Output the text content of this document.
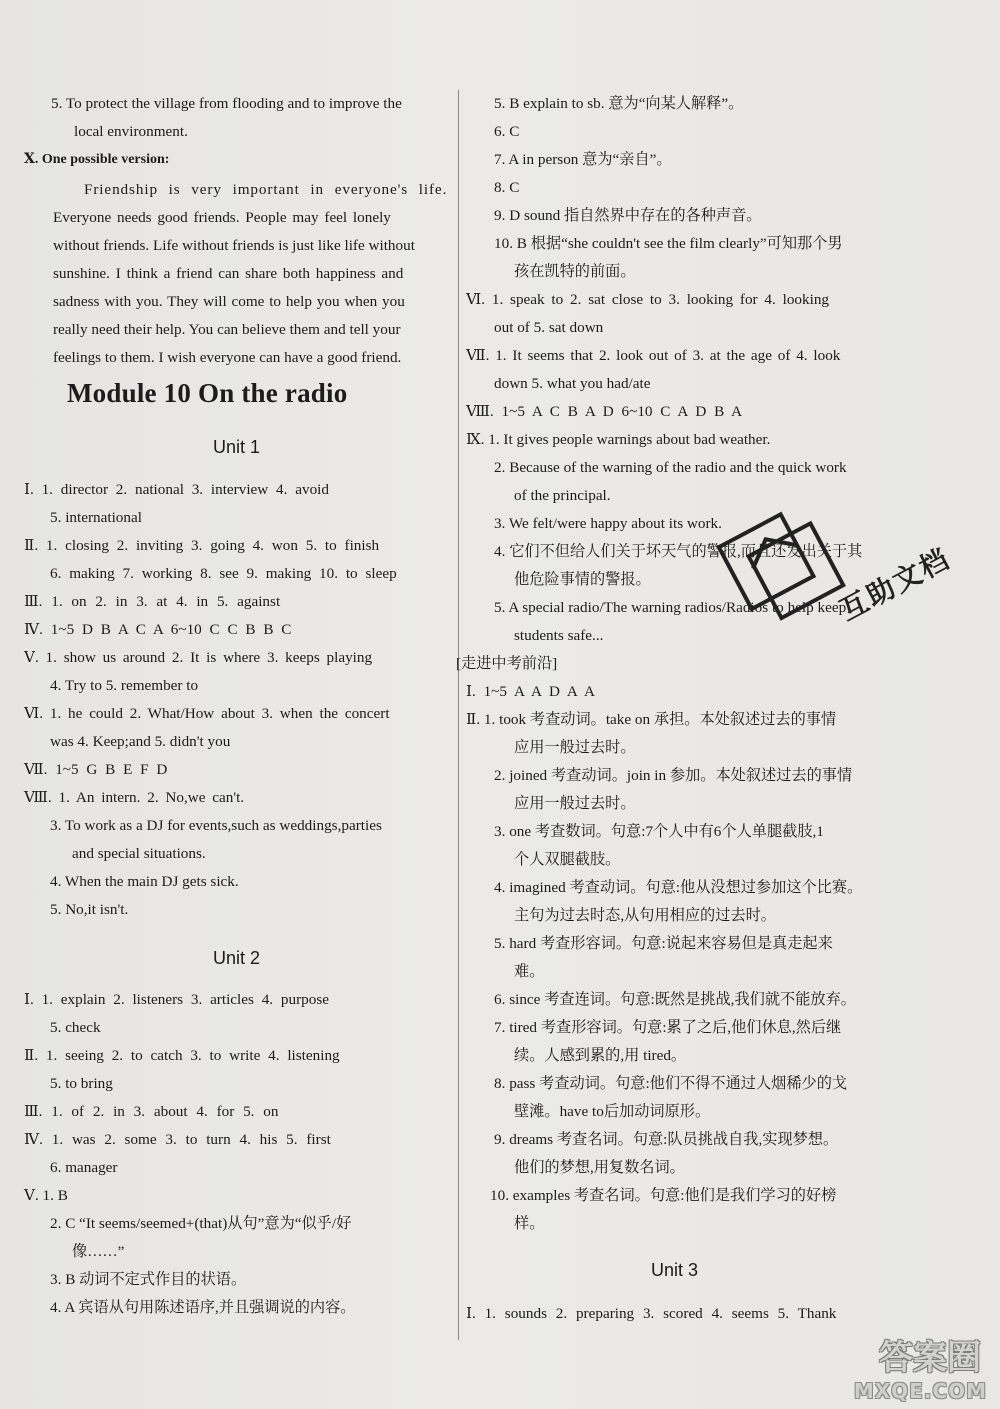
5. To protect the village from flooding and to improve the
local environment.
Ⅹ. One possible version:
Friendship is very important in everyone's life.
Everyone needs good friends. People may feel lonely
without friends. Life without friends is just like life without
sunshine. I think a friend can share both happiness and
sadness with you. They will come to help you when you
really need their help. You can believe them and tell your
feelings to them. I wish everyone can have a good friend.
Module 10 On the radio
Unit 1
Ⅰ. 1. director 2. national 3. interview 4. avoid
5. international
Ⅱ. 1. closing 2. inviting 3. going 4. won 5. to finish
6. making 7. working 8. see 9. making 10. to sleep
Ⅲ. 1. on 2. in 3. at 4. in 5. against
Ⅳ. 1~5 D B A C A 6~10 C C B B C
Ⅴ. 1. show us around 2. It is where 3. keeps playing
4. Try to 5. remember to
Ⅵ. 1. he could 2. What/How about 3. when the concert
was 4. Keep;and 5. didn't you
Ⅶ. 1~5 G B E F D
Ⅷ. 1. An intern. 2. No,we can't.
3. To work as a DJ for events,such as weddings,parties
and special situations.
4. When the main DJ gets sick.
5. No,it isn't.
Unit 2
Ⅰ. 1. explain 2. listeners 3. articles 4. purpose
5. check
Ⅱ. 1. seeing 2. to catch 3. to write 4. listening
5. to bring
Ⅲ. 1. of 2. in 3. about 4. for 5. on
Ⅳ. 1. was 2. some 3. to turn 4. his 5. first
6. manager
Ⅴ. 1. B
2. C “It seems/seemed+(that)从句”意为“似乎/好
像……”
3. B 动词不定式作目的状语。
4. A 宾语从句用陈述语序,并且强调说的内容。
5. B explain to sb. 意为“向某人解释”。
6. C
7. A in person 意为“亲自”。
8. C
9. D sound 指自然界中存在的各种声音。
10. B 根据“she couldn't see the film clearly”可知那个男
孩在凯特的前面。
Ⅵ. 1. speak to 2. sat close to 3. looking for 4. looking
out of 5. sat down
Ⅶ. 1. It seems that 2. look out of 3. at the age of 4. look
down 5. what you had/ate
Ⅷ. 1~5 A C B A D 6~10 C A D B A
Ⅸ. 1. It gives people warnings about bad weather.
2. Because of the warning of the radio and the quick work
of the principal.
3. We felt/were happy about its work.
4. 它们不但给人们关于坏天气的警报,而且还发出关于其
他危险事情的警报。
5. A special radio/The warning radios/Radios to help keep
students safe...
[走进中考前沿]
Ⅰ. 1~5 A A D A A
Ⅱ. 1. took 考查动词。take on 承担。本处叙述过去的事情
应用一般过去时。
2. joined 考查动词。join in 参加。本处叙述过去的事情
应用一般过去时。
3. one 考查数词。句意:7个人中有6个人单腿截肢,1
个人双腿截肢。
4. imagined 考查动词。句意:他从没想过参加这个比赛。
主句为过去时态,从句用相应的过去时。
5. hard 考查形容词。句意:说起来容易但是真走起来
难。
6. since 考查连词。句意:既然是挑战,我们就不能放弃。
7. tired 考查形容词。句意:累了之后,他们休息,然后继
续。人感到累的,用 tired。
8. pass 考查动词。句意:他们不得不通过人烟稀少的戈
壁滩。have to后加动词原形。
9. dreams 考查名词。句意:队员挑战自我,实现梦想。
他们的梦想,用复数名词。
10. examples 考查名词。句意:他们是我们学习的好榜
样。
Unit 3
Ⅰ. 1. sounds 2. preparing 3. scored 4. seems 5. Thank
互助文档
答案圈
MXQE.COM
